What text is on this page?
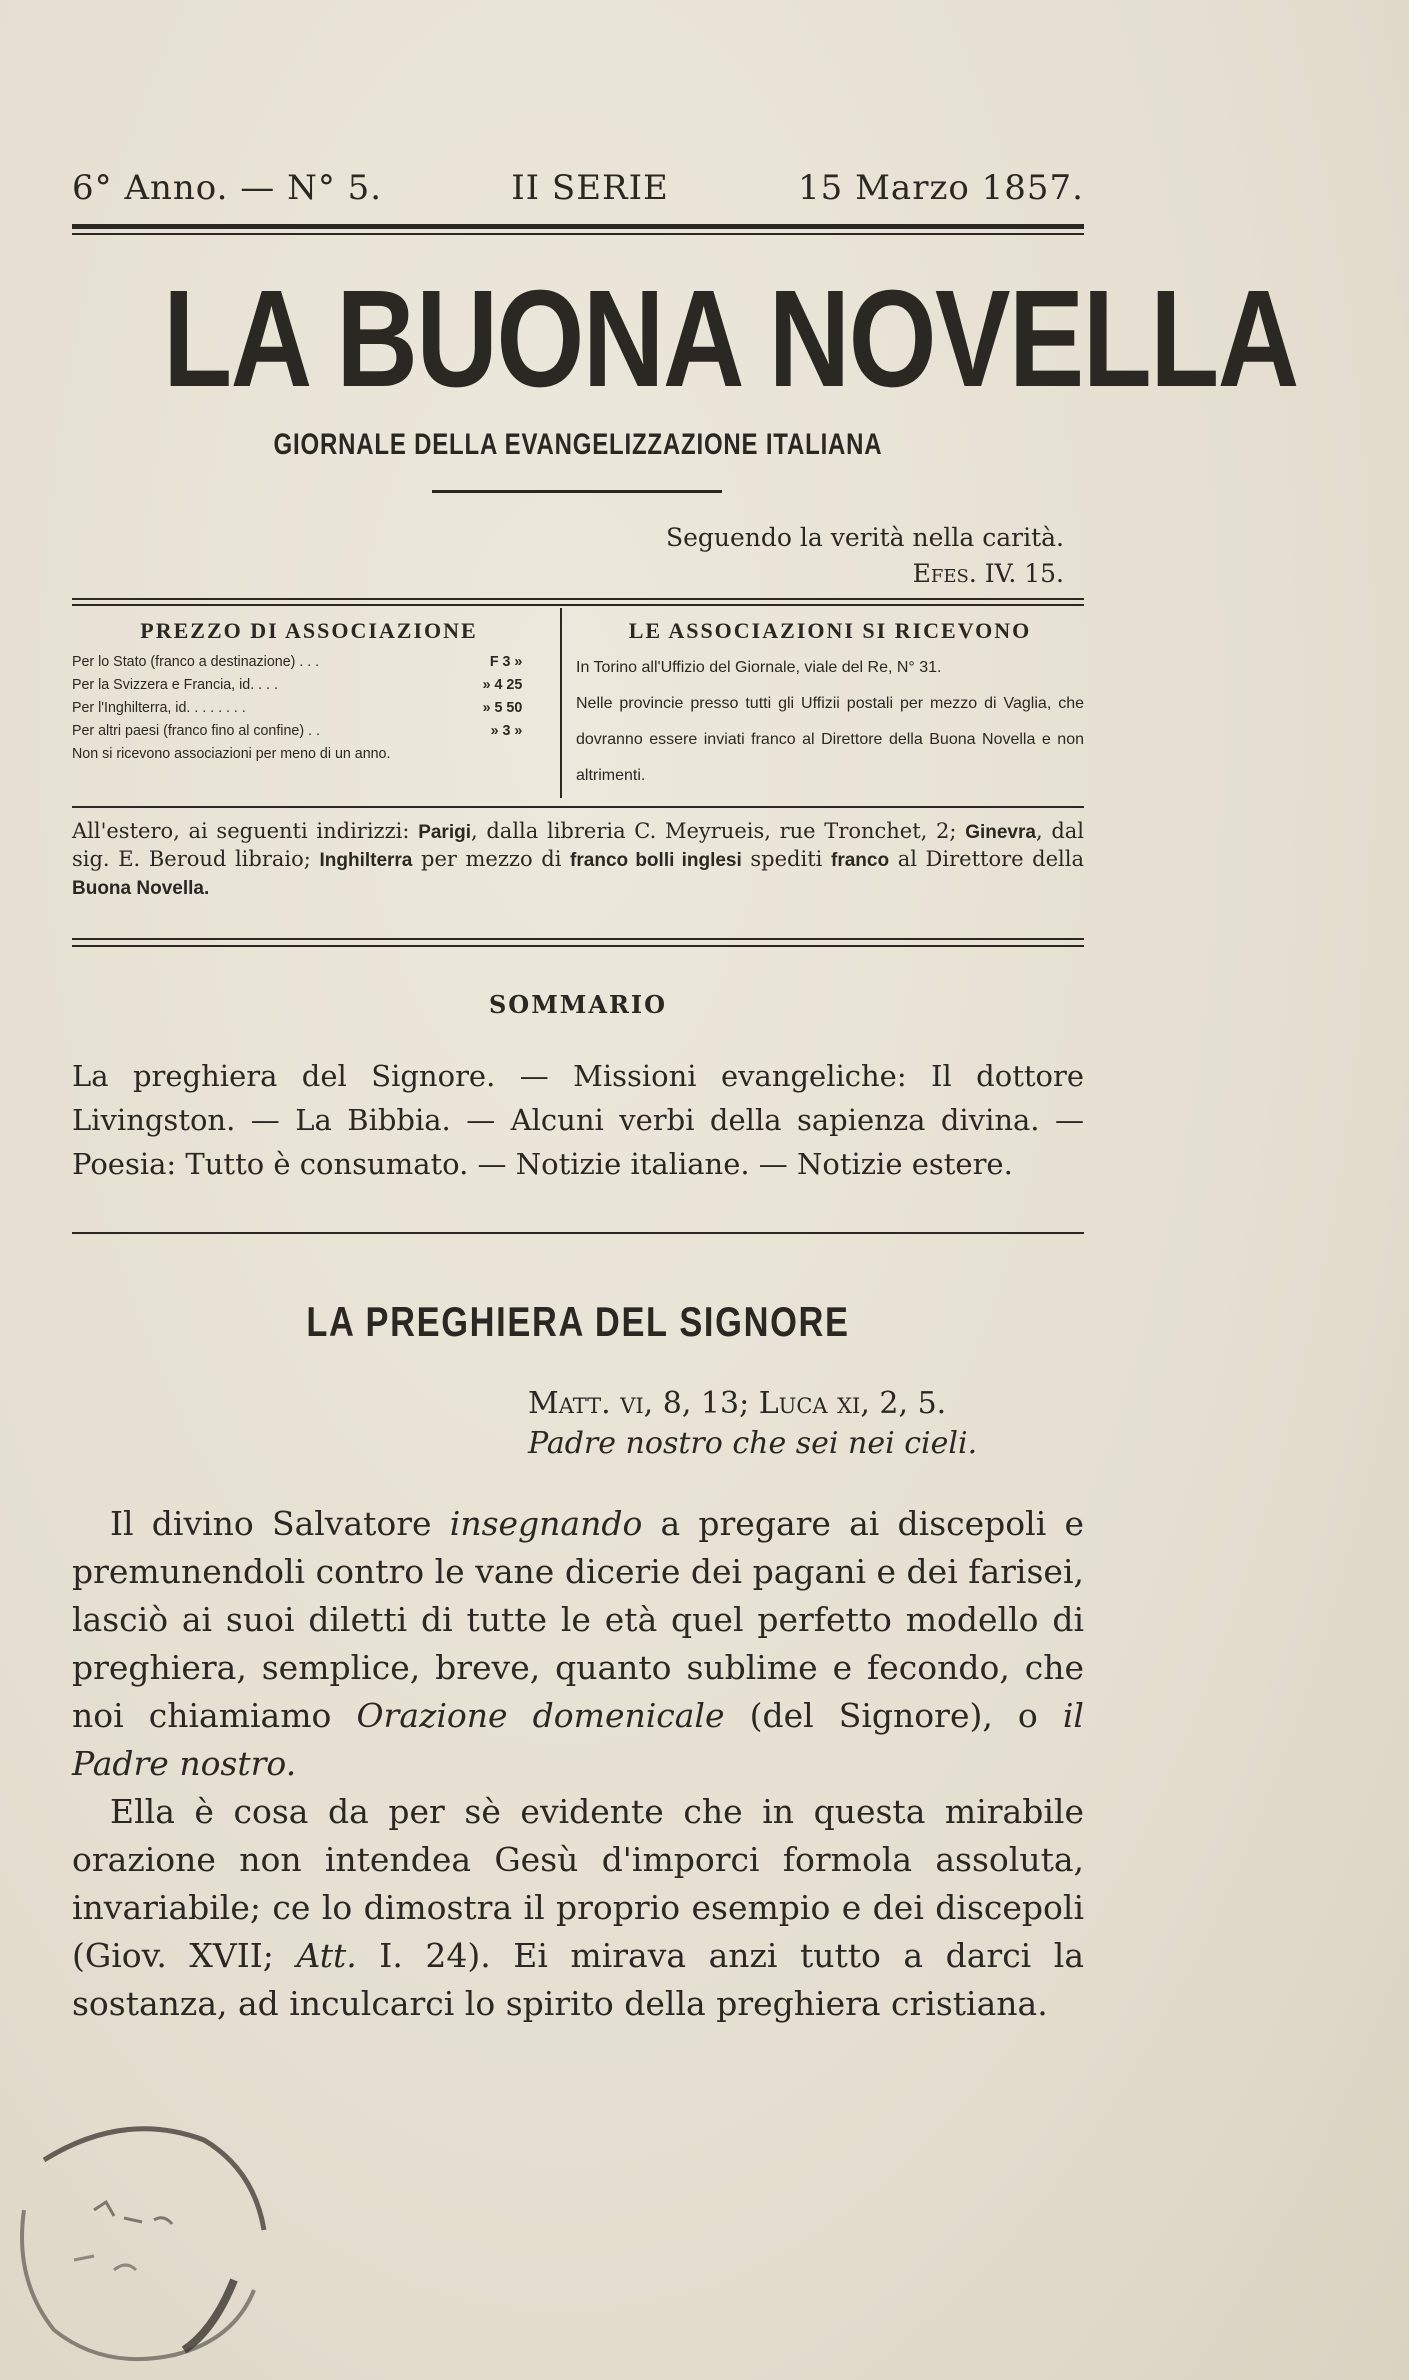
6° Anno. — N° 5.	II SERIE	15 Marzo 1857.
LA BUONA NOVELLA
GIORNALE DELLA EVANGELIZZAZIONE ITALIANA
Seguendo la verità nella carità.
Efes. IV. 15.
PREZZO DI ASSOCIAZIONE
Per lo Stato (franco a destinazione) . . .	F 3 »
Per la Svizzera e Francia, id. . . .	» 4 25
Per l'Inghilterra, id. . . . . . . .	» 5 50
Per altri paesi (franco fino al confine) . .	» 3 »
Non si ricevono associazioni per meno di un anno.
LE ASSOCIAZIONI SI RICEVONO

In Torino all'Uffizio del Giornale, viale del Re, N° 31.

Nelle provincie presso tutti gli Uffizii postali per mezzo di Vaglia, che dovranno essere inviati franco al Direttore della Buona Novella e non altrimenti.

All'estero, ai seguenti indirizzi: Parigi, dalla libreria C. Meyrueis, rue Tronchet, 2; Ginevra, dal sig. E. Beroud libraio; Inghilterra per mezzo di franco bolli inglesi spediti franco al Direttore della Buona Novella.
SOMMARIO
La preghiera del Signore. — Missioni evangeliche: Il dottore Livingston. — La Bibbia. — Alcuni verbi della sapienza divina. — Poesia: Tutto è consumato. — Notizie italiane. — Notizie estere.
LA PREGHIERA DEL SIGNORE
Matt. vi, 8, 13; Luca xi, 2, 5.
Padre nostro che sei nei cieli.

Il divino Salvatore insegnando a pregare ai discepoli e premunendoli contro le vane dicerie dei pagani e dei farisei, lasciò ai suoi diletti di tutte le età quel perfetto modello di preghiera, semplice, breve, quanto sublime e fecondo, che noi chiamiamo Orazione domenicale (del Signore), o il Padre nostro.

Ella è cosa da per sè evidente che in questa mirabile orazione non intendea Gesù d'imporci formola assoluta, invariabile; ce lo dimostra il proprio esempio e dei discepoli (Giov. XVII; Att. I. 24). Ei mirava anzi tutto a darci la sostanza, ad inculcarci lo spirito della preghiera cristiana.
